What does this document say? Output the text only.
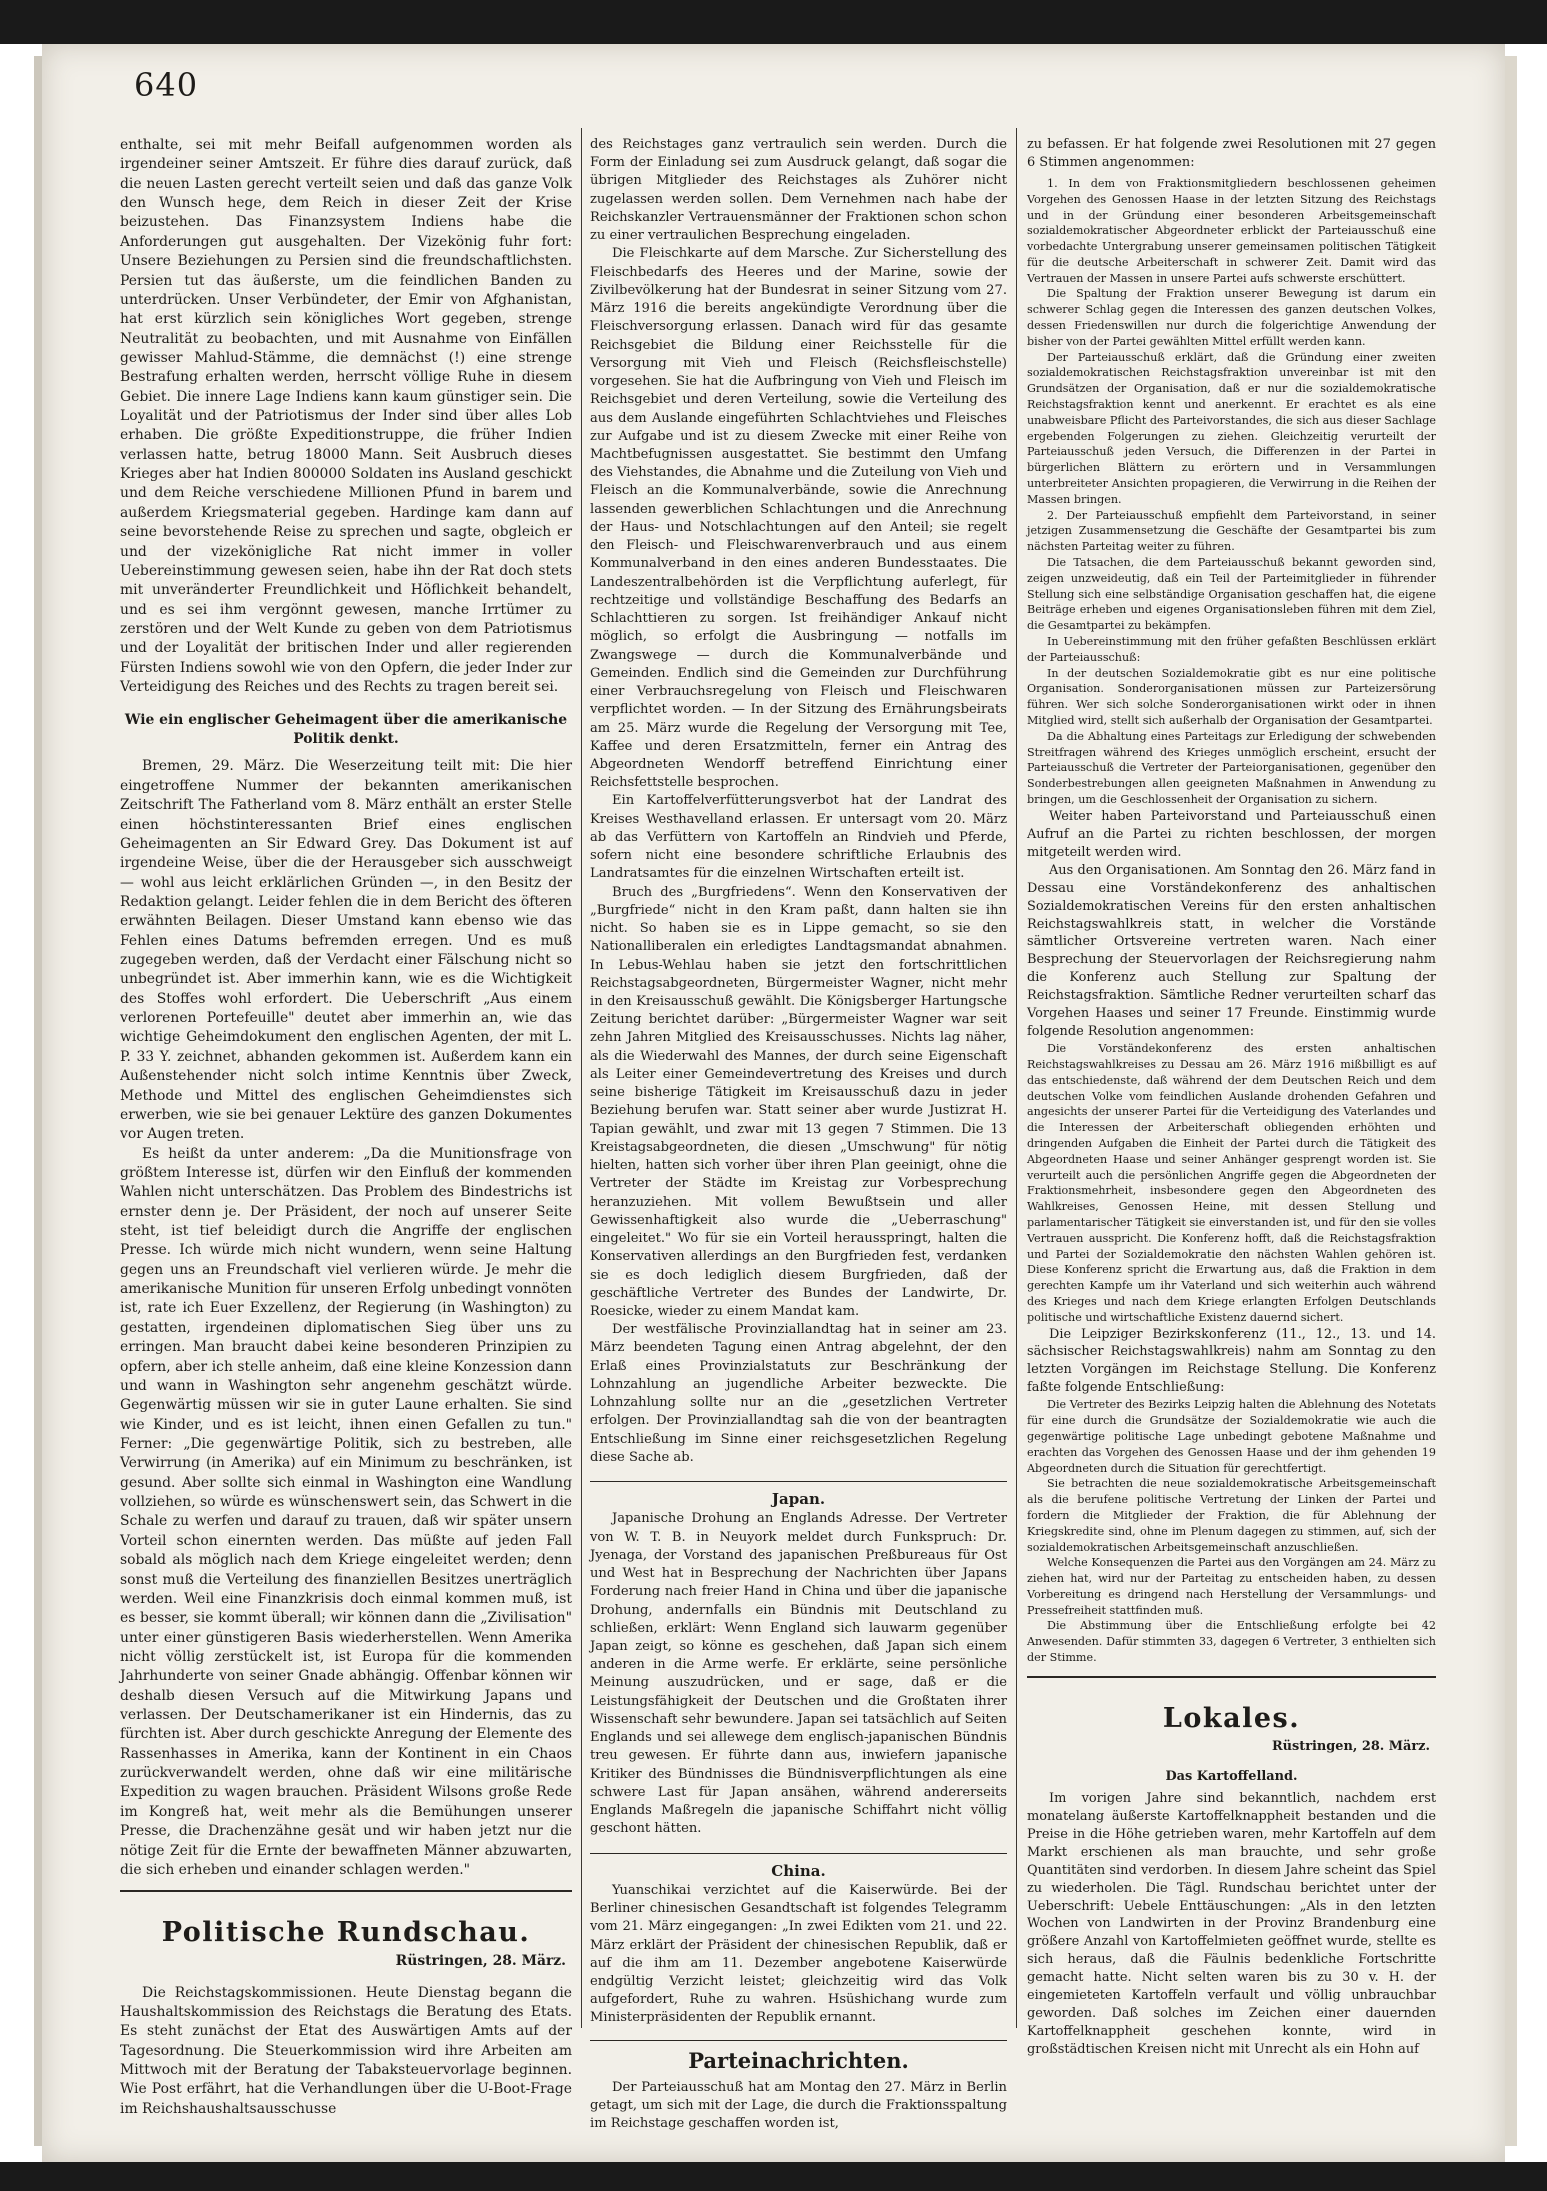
640

enthalte, sei mit mehr Beifall aufgenommen worden als irgendeiner seiner Amtszeit. Er führe dies darauf zurück, daß die neuen Lasten gerecht verteilt seien und daß das ganze Volk den Wunsch hege, dem Reich in dieser Zeit der Krise beizustehen. Das Finanzsystem Indiens habe die Anforderungen gut ausgehalten. Der Vizekönig fuhr fort: Unsere Beziehungen zu Persien sind die freundschaftlichsten. Persien tut das äußerste, um die feindlichen Banden zu unterdrücken. Unser Verbündeter, der Emir von Afghanistan, hat erst kürzlich sein königliches Wort gegeben, strenge Neutralität zu beobachten, und mit Ausnahme von Einfällen gewisser Mahlud-Stämme, die demnächst (!) eine strenge Bestrafung erhalten werden, herrscht völlige Ruhe in diesem Gebiet. Die innere Lage Indiens kann kaum günstiger sein. Die Loyalität und der Patriotismus der Inder sind über alles Lob erhaben. Die größte Expeditionstruppe, die früher Indien verlassen hatte, betrug 18000 Mann. Seit Ausbruch dieses Krieges aber hat Indien 800000 Soldaten ins Ausland geschickt und dem Reiche verschiedene Millionen Pfund in barem und außerdem Kriegsmaterial gegeben. Hardinge kam dann auf seine bevorstehende Reise zu sprechen und sagte, obgleich er und der vizekönigliche Rat nicht immer in voller Uebereinstimmung gewesen seien, habe ihn der Rat doch stets mit unveränderter Freundlichkeit und Höflichkeit behandelt, und es sei ihm vergönnt gewesen, manche Irrtümer zu zerstören und der Welt Kunde zu geben von dem Patriotismus und der Loyalität der britischen Inder und aller regierenden Fürsten Indiens sowohl wie von den Opfern, die jeder Inder zur Verteidigung des Reiches und des Rechts zu tragen bereit sei.

Wie ein englischer Geheimagent über die amerikanische Politik denkt.

Bremen, 29. März. Die Weserzeitung teilt mit: Die hier eingetroffene Nummer der bekannten amerikanischen Zeitschrift The Fatherland vom 8. März enthält an erster Stelle einen höchstinteressanten Brief eines englischen Geheimagenten an Sir Edward Grey. Das Dokument ist auf irgendeine Weise, über die der Herausgeber sich ausschweigt — wohl aus leicht erklärlichen Gründen —, in den Besitz der Redaktion gelangt. Leider fehlen die in dem Bericht des öfteren erwähnten Beilagen. Dieser Umstand kann ebenso wie das Fehlen eines Datums befremden erregen. Und es muß zugegeben werden, daß der Verdacht einer Fälschung nicht so unbegründet ist. Aber immerhin kann, wie es die Wichtigkeit des Stoffes wohl erfordert. Die Ueberschrift „Aus einem verlorenen Portefeuille" deutet aber immerhin an, wie das wichtige Geheimdokument den englischen Agenten, der mit L. P. 33 Y. zeichnet, abhanden gekommen ist. Außerdem kann ein Außenstehender nicht solch intime Kenntnis über Zweck, Methode und Mittel des englischen Geheimdienstes sich erwerben, wie sie bei genauer Lektüre des ganzen Dokumentes vor Augen treten.

Es heißt da unter anderem: „Da die Munitionsfrage von größtem Interesse ist, dürfen wir den Einfluß der kommenden Wahlen nicht unterschätzen. Das Problem des Bindestrichs ist ernster denn je. Der Präsident, der noch auf unserer Seite steht, ist tief beleidigt durch die Angriffe der englischen Presse. Ich würde mich nicht wundern, wenn seine Haltung gegen uns an Freundschaft viel verlieren würde. Je mehr die amerikanische Munition für unseren Erfolg unbedingt vonnöten ist, rate ich Euer Exzellenz, der Regierung (in Washington) zu gestatten, irgendeinen diplomatischen Sieg über uns zu erringen. Man braucht dabei keine besonderen Prinzipien zu opfern, aber ich stelle anheim, daß eine kleine Konzession dann und wann in Washington sehr angenehm geschätzt würde. Gegenwärtig müssen wir sie in guter Laune erhalten. Sie sind wie Kinder, und es ist leicht, ihnen einen Gefallen zu tun." Ferner: „Die gegenwärtige Politik, sich zu bestreben, alle Verwirrung (in Amerika) auf ein Minimum zu beschränken, ist gesund. Aber sollte sich einmal in Washington eine Wandlung vollziehen, so würde es wünschenswert sein, das Schwert in die Schale zu werfen und darauf zu trauen, daß wir später unsern Vorteil schon einernten werden. Das müßte auf jeden Fall sobald als möglich nach dem Kriege eingeleitet werden; denn sonst muß die Verteilung des finanziellen Besitzes unerträglich werden. Weil eine Finanzkrisis doch einmal kommen muß, ist es besser, sie kommt überall; wir können dann die „Zivilisation" unter einer günstigeren Basis wiederherstellen. Wenn Amerika nicht völlig zerstückelt ist, ist Europa für die kommenden Jahrhunderte von seiner Gnade abhängig. Offenbar können wir deshalb diesen Versuch auf die Mitwirkung Japans und verlassen. Der Deutschamerikaner ist ein Hindernis, das zu fürchten ist. Aber durch geschickte Anregung der Elemente des Rassenhasses in Amerika, kann der Kontinent in ein Chaos zurückverwandelt werden, ohne daß wir eine militärische Expedition zu wagen brauchen. Präsident Wilsons große Rede im Kongreß hat, weit mehr als die Bemühungen unserer Presse, die Drachenzähne gesät und wir haben jetzt nur die nötige Zeit für die Ernte der bewaffneten Männer abzuwarten, die sich erheben und einander schlagen werden."

Politische Rundschau.
Rüstringen, 28. März.

Die Reichstagskommissionen. Heute Dienstag begann die Haushaltskommission des Reichstags die Beratung des Etats. Es steht zunächst der Etat des Auswärtigen Amts auf der Tagesordnung. Die Steuerkommission wird ihre Arbeiten am Mittwoch mit der Beratung der Tabaksteuervorlage beginnen. Wie Post erfährt, hat die Verhandlungen über die U-Boot-Frage im Reichshaushaltsausschusse

des Reichstages ganz vertraulich sein werden. Durch die Form der Einladung sei zum Ausdruck gelangt, daß sogar die übrigen Mitglieder des Reichstages als Zuhörer nicht zugelassen werden sollen. Dem Vernehmen nach habe der Reichskanzler Vertrauensmänner der Fraktionen schon schon zu einer vertraulichen Besprechung eingeladen.

Die Fleischkarte auf dem Marsche. Zur Sicherstellung des Fleischbedarfs des Heeres und der Marine, sowie der Zivilbevölkerung hat der Bundesrat in seiner Sitzung vom 27. März 1916 die bereits angekündigte Verordnung über die Fleischversorgung erlassen. Danach wird für das gesamte Reichsgebiet die Bildung einer Reichsstelle für die Versorgung mit Vieh und Fleisch (Reichsfleischstelle) vorgesehen. Sie hat die Aufbringung von Vieh und Fleisch im Reichsgebiet und deren Verteilung, sowie die Verteilung des aus dem Auslande eingeführten Schlachtviehes und Fleisches zur Aufgabe und ist zu diesem Zwecke mit einer Reihe von Machtbefugnissen ausgestattet. Sie bestimmt den Umfang des Viehstandes, die Abnahme und die Zuteilung von Vieh und Fleisch an die Kommunalverbände, sowie die Anrechnung lassenden gewerblichen Schlachtungen und die Anrechnung der Haus- und Notschlachtungen auf den Anteil; sie regelt den Fleisch- und Fleischwarenverbrauch und aus einem Kommunalverband in den eines anderen Bundesstaates. Die Landeszentralbehörden ist die Verpflichtung auferlegt, für rechtzeitige und vollständige Beschaffung des Bedarfs an Schlachttieren zu sorgen. Ist freihändiger Ankauf nicht möglich, so erfolgt die Ausbringung — notfalls im Zwangswege — durch die Kommunalverbände und Gemeinden. Endlich sind die Gemeinden zur Durchführung einer Verbrauchsregelung von Fleisch und Fleischwaren verpflichtet worden. — In der Sitzung des Ernährungsbeirats am 25. März wurde die Regelung der Versorgung mit Tee, Kaffee und deren Ersatzmitteln, ferner ein Antrag des Abgeordneten Wendorff betreffend Einrichtung einer Reichsfettstelle besprochen.

Ein Kartoffelverfütterungsverbot hat der Landrat des Kreises Westhavelland erlassen. Er untersagt vom 20. März ab das Verfüttern von Kartoffeln an Rindvieh und Pferde, sofern nicht eine besondere schriftliche Erlaubnis des Landratsamtes für die einzelnen Wirtschaften erteilt ist.

Bruch des „Burgfriedens“. Wenn den Konservativen der „Burgfriede“ nicht in den Kram paßt, dann halten sie ihn nicht. So haben sie es in Lippe gemacht, so sie den Nationalliberalen ein erledigtes Landtagsmandat abnahmen. In Lebus-Wehlau haben sie jetzt den fortschrittlichen Reichstagsabgeordneten, Bürgermeister Wagner, nicht mehr in den Kreisausschuß gewählt. Die Königsberger Hartungsche Zeitung berichtet darüber: „Bürgermeister Wagner war seit zehn Jahren Mitglied des Kreisausschusses. Nichts lag näher, als die Wiederwahl des Mannes, der durch seine Eigenschaft als Leiter einer Gemeindevertretung des Kreises und durch seine bisherige Tätigkeit im Kreisausschuß dazu in jeder Beziehung berufen war. Statt seiner aber wurde Justizrat H. Tapian gewählt, und zwar mit 13 gegen 7 Stimmen. Die 13 Kreistagsabgeordneten, die diesen „Umschwung" für nötig hielten, hatten sich vorher über ihren Plan geeinigt, ohne die Vertreter der Städte im Kreistag zur Vorbesprechung heranzuziehen. Mit vollem Bewußtsein und aller Gewissenhaftigkeit also wurde die „Ueberraschung" eingeleitet." Wo für sie ein Vorteil herausspringt, halten die Konservativen allerdings an den Burgfrieden fest, verdanken sie es doch lediglich diesem Burgfrieden, daß der geschäftliche Vertreter des Bundes der Landwirte, Dr. Roesicke, wieder zu einem Mandat kam.

Der westfälische Provinziallandtag hat in seiner am 23. März beendeten Tagung einen Antrag abgelehnt, der den Erlaß eines Provinzialstatuts zur Beschränkung der Lohnzahlung an jugendliche Arbeiter bezweckte. Die Lohnzahlung sollte nur an die „gesetzlichen Vertreter erfolgen. Der Provinziallandtag sah die von der beantragten Entschließung im Sinne einer reichsgesetzlichen Regelung diese Sache ab.

Japan.

Japanische Drohung an Englands Adresse. Der Vertreter von W. T. B. in Neuyork meldet durch Funkspruch: Dr. Jyenaga, der Vorstand des japanischen Preßbureaus für Ost und West hat in Besprechung der Nachrichten über Japans Forderung nach freier Hand in China und über die japanische Drohung, andernfalls ein Bündnis mit Deutschland zu schließen, erklärt: Wenn England sich lauwarm gegenüber Japan zeigt, so könne es geschehen, daß Japan sich einem anderen in die Arme werfe. Er erklärte, seine persönliche Meinung auszudrücken, und er sage, daß er die Leistungsfähigkeit der Deutschen und die Großtaten ihrer Wissenschaft sehr bewundere. Japan sei tatsächlich auf Seiten Englands und sei allewege dem englisch-japanischen Bündnis treu gewesen. Er führte dann aus, inwiefern japanische Kritiker des Bündnisses die Bündnisverpflichtungen als eine schwere Last für Japan ansähen, während andererseits Englands Maßregeln die japanische Schiffahrt nicht völlig geschont hätten.

China.

Yuanschikai verzichtet auf die Kaiserwürde. Bei der Berliner chinesischen Gesandtschaft ist folgendes Telegramm vom 21. März eingegangen: „In zwei Edikten vom 21. und 22. März erklärt der Präsident der chinesischen Republik, daß er auf die ihm am 11. Dezember angebotene Kaiserwürde endgültig Verzicht leistet; gleichzeitig wird das Volk aufgefordert, Ruhe zu wahren. Hsüshichang wurde zum Ministerpräsidenten der Republik ernannt.

Parteinachrichten.

Der Parteiausschuß hat am Montag den 27. März in Berlin getagt, um sich mit der Lage, die durch die Fraktionsspaltung im Reichstage geschaffen worden ist,

zu befassen. Er hat folgende zwei Resolutionen mit 27 gegen 6 Stimmen angenommen:

1. In dem von Fraktionsmitgliedern beschlossenen geheimen Vorgehen des Genossen Haase in der letzten Sitzung des Reichstags und in der Gründung einer besonderen Arbeitsgemeinschaft sozialdemokratischer Abgeordneter erblickt der Parteiausschuß eine vorbedachte Untergrabung unserer gemeinsamen politischen Tätigkeit für die deutsche Arbeiterschaft in schwerer Zeit. Damit wird das Vertrauen der Massen in unsere Partei aufs schwerste erschüttert.

Die Spaltung der Fraktion unserer Bewegung ist darum ein schwerer Schlag gegen die Interessen des ganzen deutschen Volkes, dessen Friedenswillen nur durch die folgerichtige Anwendung der bisher von der Partei gewählten Mittel erfüllt werden kann.

Der Parteiausschuß erklärt, daß die Gründung einer zweiten sozialdemokratischen Reichstagsfraktion unvereinbar ist mit den Grundsätzen der Organisation, daß er nur die sozialdemokratische Reichstagsfraktion kennt und anerkennt. Er erachtet es als eine unabweisbare Pflicht des Parteivorstandes, die sich aus dieser Sachlage ergebenden Folgerungen zu ziehen. Gleichzeitig verurteilt der Parteiausschuß jeden Versuch, die Differenzen in der Partei in bürgerlichen Blättern zu erörtern und in Versammlungen unterbreiteter Ansichten propagieren, die Verwirrung in die Reihen der Massen bringen.

2. Der Parteiausschuß empfiehlt dem Parteivorstand, in seiner jetzigen Zusammensetzung die Geschäfte der Gesamtpartei bis zum nächsten Parteitag weiter zu führen.

Die Tatsachen, die dem Parteiausschuß bekannt geworden sind, zeigen unzweideutig, daß ein Teil der Parteimitglieder in führender Stellung sich eine selbständige Organisation geschaffen hat, die eigene Beiträge erheben und eigenes Organisationsleben führen mit dem Ziel, die Gesamtpartei zu bekämpfen.

In Uebereinstimmung mit den früher gefaßten Beschlüssen erklärt der Parteiausschuß:

In der deutschen Sozialdemokratie gibt es nur eine politische Organisation. Sonderorganisationen müssen zur Parteizersörung führen. Wer sich solche Sonderorganisationen wirkt oder in ihnen Mitglied wird, stellt sich außerhalb der Organisation der Gesamtpartei.

Da die Abhaltung eines Parteitags zur Erledigung der schwebenden Streitfragen während des Krieges unmöglich erscheint, ersucht der Parteiausschuß die Vertreter der Parteiorganisationen, gegenüber den Sonderbestrebungen allen geeigneten Maßnahmen in Anwendung zu bringen, um die Geschlossenheit der Organisation zu sichern.

Weiter haben Parteivorstand und Parteiausschuß einen Aufruf an die Partei zu richten beschlossen, der morgen mitgeteilt werden wird.

Aus den Organisationen. Am Sonntag den 26. März fand in Dessau eine Vorständekonferenz des anhaltischen Sozialdemokratischen Vereins für den ersten anhaltischen Reichstagswahlkreis statt, in welcher die Vorstände sämtlicher Ortsvereine vertreten waren. Nach einer Besprechung der Steuervorlagen der Reichsregierung nahm die Konferenz auch Stellung zur Spaltung der Reichstagsfraktion. Sämtliche Redner verurteilten scharf das Vorgehen Haases und seiner 17 Freunde. Einstimmig wurde folgende Resolution angenommen:

Die Vorständekonferenz des ersten anhaltischen Reichstagswahlkreises zu Dessau am 26. März 1916 mißbilligt es auf das entschiedenste, daß während der dem Deutschen Reich und dem deutschen Volke vom feindlichen Auslande drohenden Gefahren und angesichts der unserer Partei für die Verteidigung des Vaterlandes und die Interessen der Arbeiterschaft obliegenden erhöhten und dringenden Aufgaben die Einheit der Partei durch die Tätigkeit des Abgeordneten Haase und seiner Anhänger gesprengt worden ist. Sie verurteilt auch die persönlichen Angriffe gegen die Abgeordneten der Fraktionsmehrheit, insbesondere gegen den Abgeordneten des Wahlkreises, Genossen Heine, mit dessen Stellung und parlamentarischer Tätigkeit sie einverstanden ist, und für den sie volles Vertrauen ausspricht. Die Konferenz hofft, daß die Reichstagsfraktion und Partei der Sozialdemokratie den nächsten Wahlen gehören ist. Diese Konferenz spricht die Erwartung aus, daß die Fraktion in dem gerechten Kampfe um ihr Vaterland und sich weiterhin auch während des Krieges und nach dem Kriege erlangten Erfolgen Deutschlands politische und wirtschaftliche Existenz dauernd sichert.

Die Leipziger Bezirkskonferenz (11., 12., 13. und 14. sächsischer Reichstagswahlkreis) nahm am Sonntag zu den letzten Vorgängen im Reichstage Stellung. Die Konferenz faßte folgende Entschließung:

Die Vertreter des Bezirks Leipzig halten die Ablehnung des Notetats für eine durch die Grundsätze der Sozialdemokratie wie auch die gegenwärtige politische Lage unbedingt gebotene Maßnahme und erachten das Vorgehen des Genossen Haase und der ihm gehenden 19 Abgeordneten durch die Situation für gerechtfertigt.

Sie betrachten die neue sozialdemokratische Arbeitsgemeinschaft als die berufene politische Vertretung der Linken der Partei und fordern die Mitglieder der Fraktion, die für Ablehnung der Kriegskredite sind, ohne im Plenum dagegen zu stimmen, auf, sich der sozialdemokratischen Arbeitsgemeinschaft anzuschließen.

Welche Konsequenzen die Partei aus den Vorgängen am 24. März zu ziehen hat, wird nur der Parteitag zu entscheiden haben, zu dessen Vorbereitung es dringend nach Herstellung der Versammlungs- und Pressefreiheit stattfinden muß.

Die Abstimmung über die Entschließung erfolgte bei 42 Anwesenden. Dafür stimmten 33, dagegen 6 Vertreter, 3 enthielten sich der Stimme.

Lokales.
Rüstringen, 28. März.
Das Kartoffelland.

Im vorigen Jahre sind bekanntlich, nachdem erst monatelang äußerste Kartoffelknappheit bestanden und die Preise in die Höhe getrieben waren, mehr Kartoffeln auf dem Markt erschienen als man brauchte, und sehr große Quantitäten sind verdorben. In diesem Jahre scheint das Spiel zu wiederholen. Die Tägl. Rundschau berichtet unter der Ueberschrift: Uebele Enttäuschungen: „Als in den letzten Wochen von Landwirten in der Provinz Brandenburg eine größere Anzahl von Kartoffelmieten geöffnet wurde, stellte es sich heraus, daß die Fäulnis bedenkliche Fortschritte gemacht hatte. Nicht selten waren bis zu 30 v. H. der eingemieteten Kartoffeln verfault und völlig unbrauchbar geworden. Daß solches im Zeichen einer dauernden Kartoffelknappheit geschehen konnte, wird in großstädtischen Kreisen nicht mit Unrecht als ein Hohn auf
